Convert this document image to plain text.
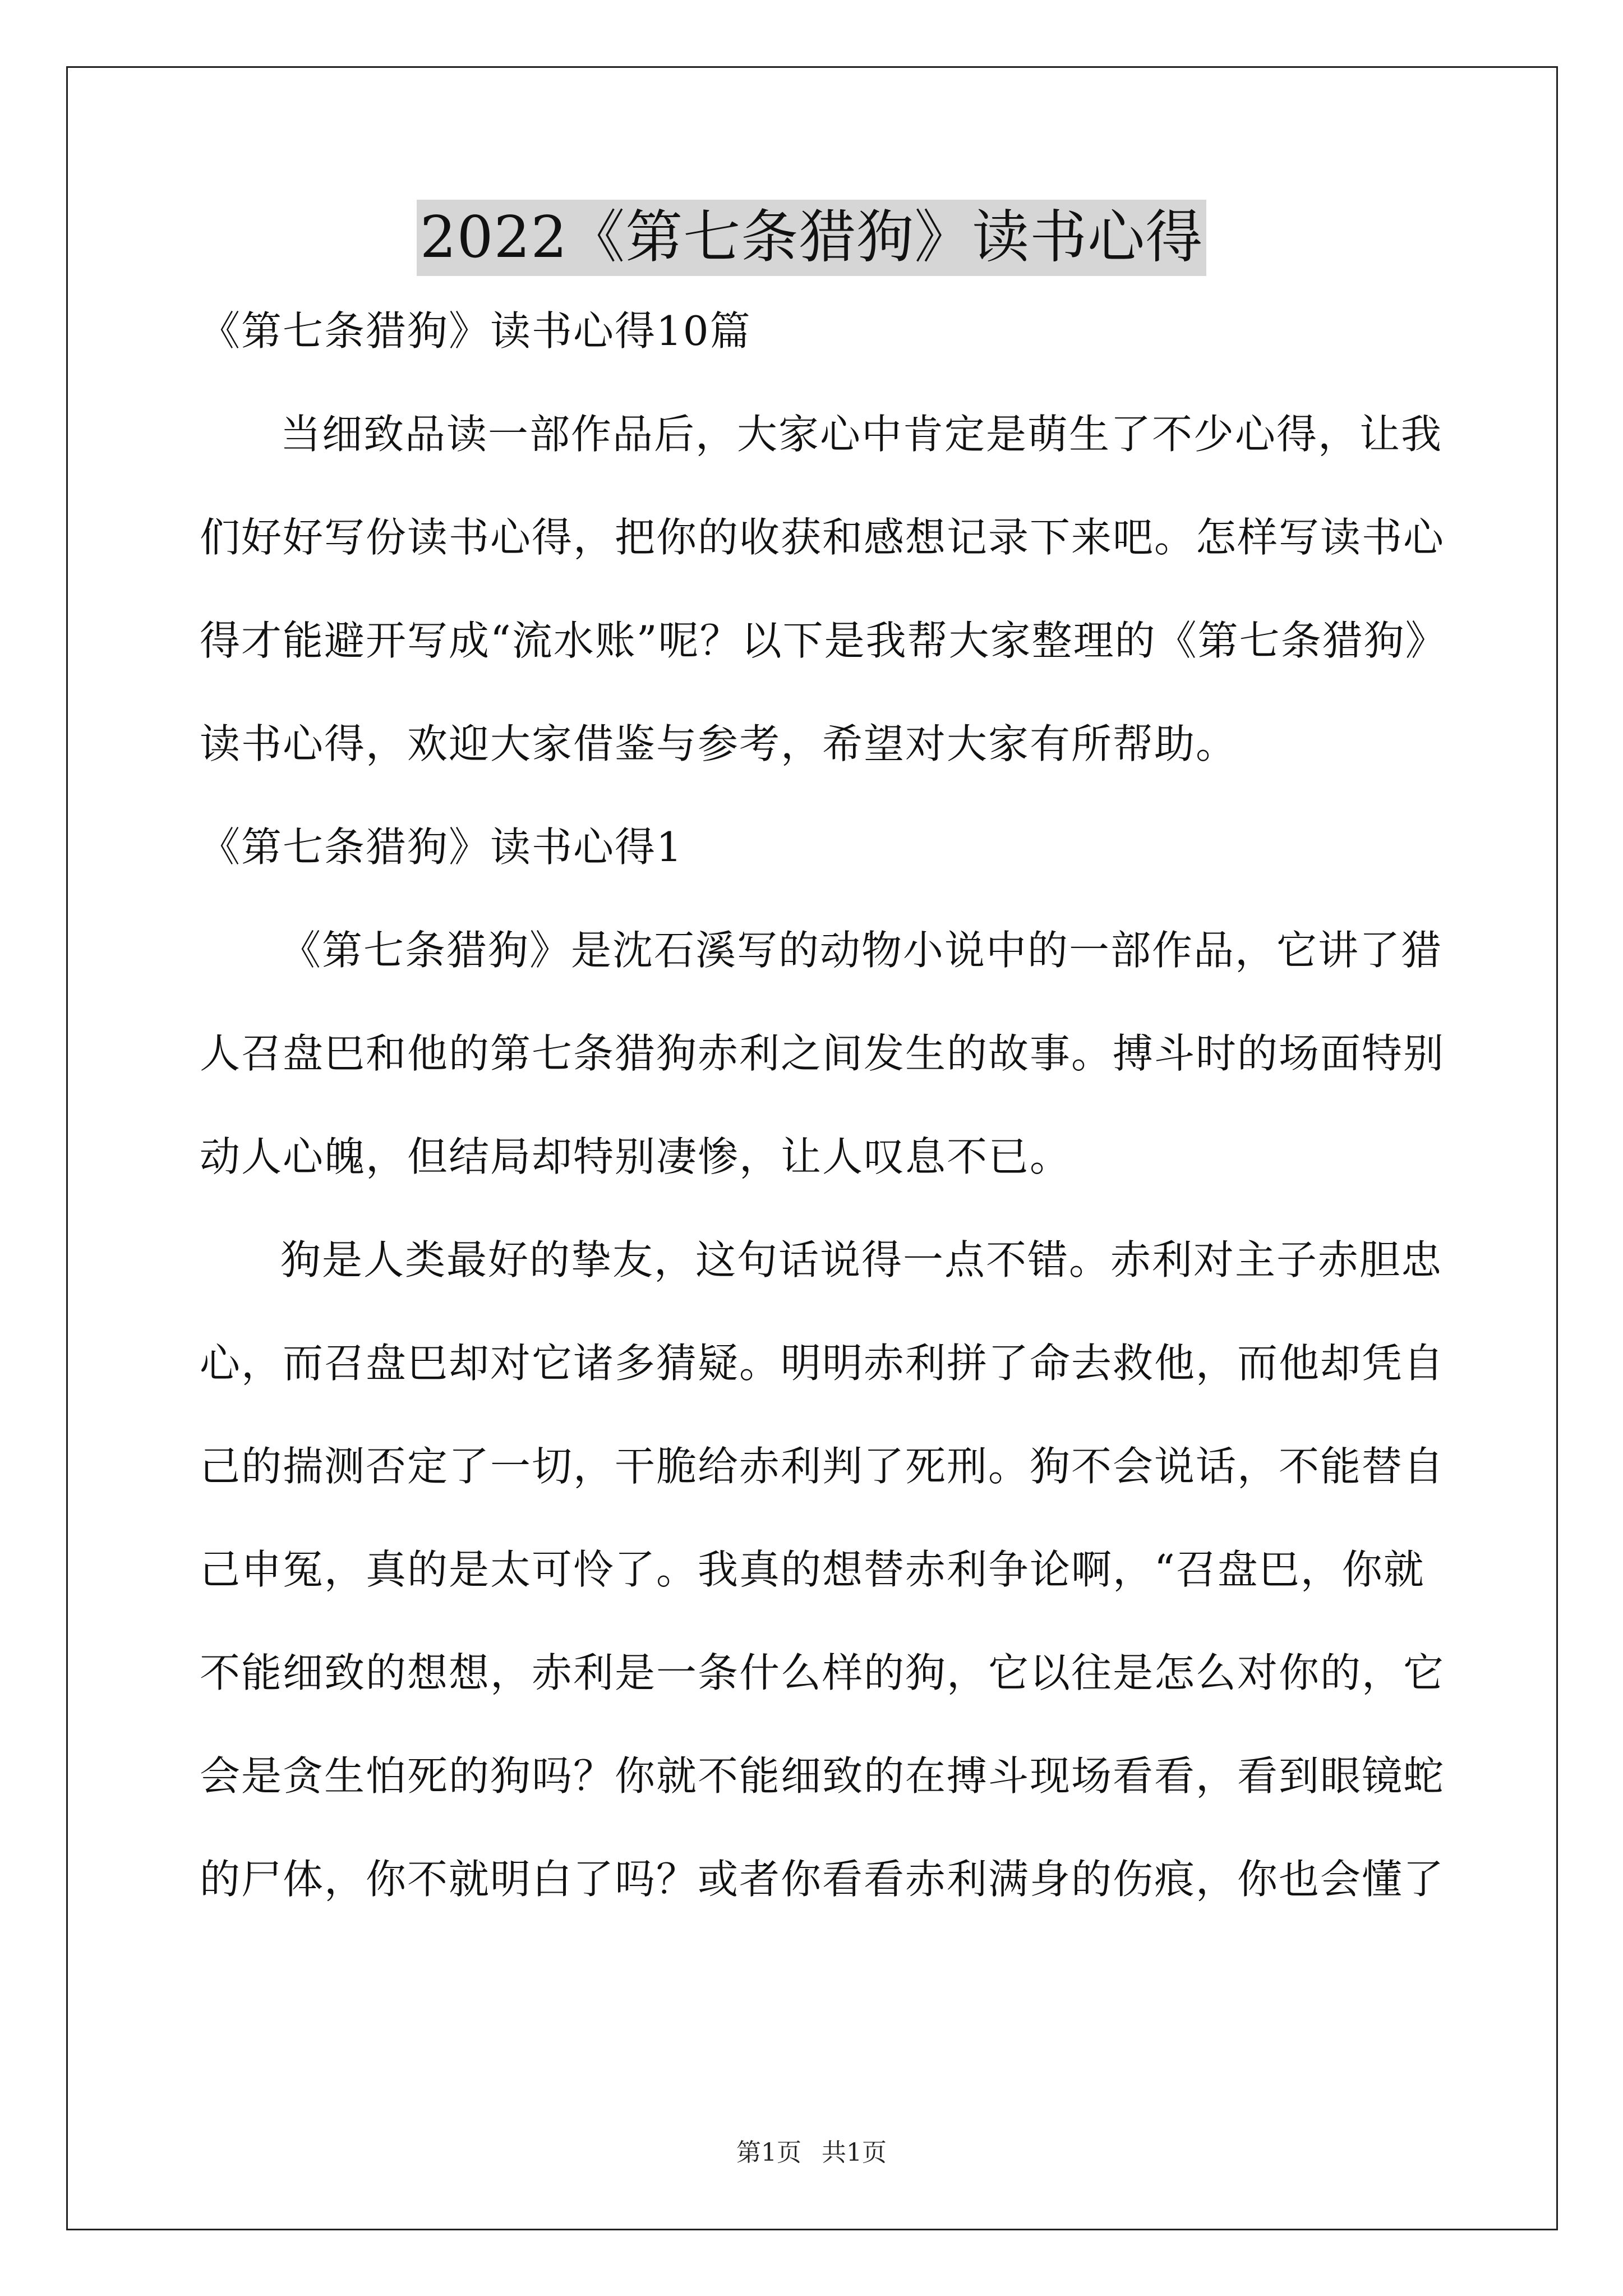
2022《第七条猎狗》读书心得

《第七条猎狗》读书心得10篇

当细致品读一部作品后，大家心中肯定是萌生了不少心得，让我

们好好写份读书心得，把你的收获和感想记录下来吧。怎样写读书心

得才能避开写成“流水账”呢？以下是我帮大家整理的《第七条猎狗》

读书心得，欢迎大家借鉴与参考，希望对大家有所帮助。

《第七条猎狗》读书心得1

《第七条猎狗》是沈石溪写的动物小说中的一部作品，它讲了猎

人召盘巴和他的第七条猎狗赤利之间发生的故事。搏斗时的场面特别

动人心魄，但结局却特别凄惨，让人叹息不已。

狗是人类最好的挚友，这句话说得一点不错。赤利对主子赤胆忠

心，而召盘巴却对它诸多猜疑。明明赤利拼了命去救他，而他却凭自

己的揣测否定了一切，干脆给赤利判了死刑。狗不会说话，不能替自

己申冤，真的是太可怜了。我真的想替赤利争论啊，“召盘巴，你就

不能细致的想想，赤利是一条什么样的狗，它以往是怎么对你的，它

会是贪生怕死的狗吗？你就不能细致的在搏斗现场看看，看到眼镜蛇

的尸体，你不就明白了吗？或者你看看赤利满身的伤痕，你也会懂了

第1页 共1页
